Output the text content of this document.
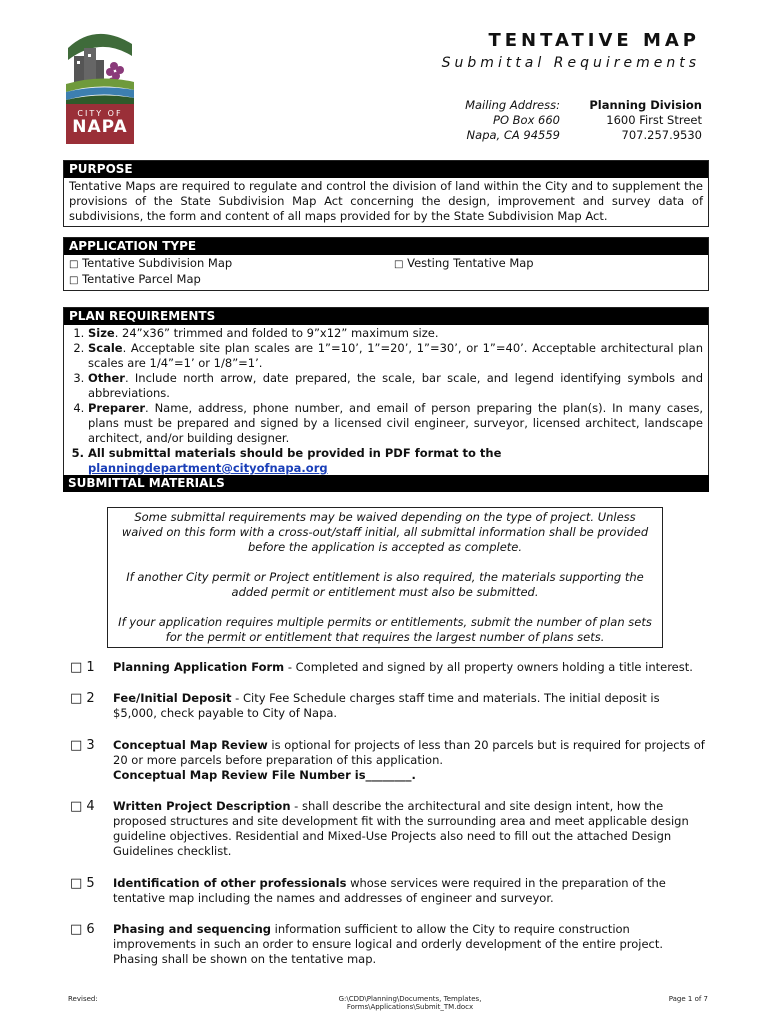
CITY OF
NAPA
TENTATIVE MAP
Submittal Requirements
Mailing Address:
PO Box 660
Napa, CA 94559
Planning Division
1600 First Street
707.257.9530
PURPOSE
Tentative Maps are required to regulate and control the division of land within the City and to supplement the provisions of the State Subdivision Map Act concerning the design, improvement and survey data of subdivisions, the form and content of all maps provided for by the State Subdivision Map Act.
APPLICATION TYPE
□ Tentative Subdivision Map	□ Vesting Tentative Map
□ Tentative Parcel Map
PLAN REQUIREMENTS
1. Size. 24”x36” trimmed and folded to 9”x12” maximum size.
2. Scale. Acceptable site plan scales are 1”=10’, 1”=20’, 1”=30’, or 1”=40’. Acceptable architectural plan scales are 1/4”=1’ or 1/8”=1’.
3. Other. Include north arrow, date prepared, the scale, bar scale, and legend identifying symbols and abbreviations.
4. Preparer. Name, address, phone number, and email of person preparing the plan(s). In many cases, plans must be prepared and signed by a licensed civil engineer, surveyor, licensed architect, landscape architect, and/or building designer.
5. All submittal materials should be provided in PDF format to the planningdepartment@cityofnapa.org
SUBMITTAL MATERIALS

Some submittal requirements may be waived depending on the type of project. Unless waived on this form with a cross-out/staff initial, all submittal information shall be provided before the application is accepted as complete.

If another City permit or Project entitlement is also required, the materials supporting the added permit or entitlement must also be submitted.

If your application requires multiple permits or entitlements, submit the number of plan sets for the permit or entitlement that requires the largest number of plans sets.

□ 1 Planning Application Form - Completed and signed by all property owners holding a title interest.
□ 2 Fee/Initial Deposit - City Fee Schedule charges staff time and materials. The initial deposit is $5,000, check payable to City of Napa.
□ 3 Conceptual Map Review is optional for projects of less than 20 parcels but is required for projects of 20 or more parcels before preparation of this application.
Conceptual Map Review File Number is________.
□ 4 Written Project Description - shall describe the architectural and site design intent, how the proposed structures and site development fit with the surrounding area and meet applicable design guideline objectives. Residential and Mixed-Use Projects also need to fill out the attached Design Guidelines checklist.
□ 5 Identification of other professionals whose services were required in the preparation of the tentative map including the names and addresses of engineer and surveyor.
□ 6 Phasing and sequencing information sufficient to allow the City to require construction improvements in such an order to ensure logical and orderly development of the entire project. Phasing shall be shown on the tentative map.
Revised:	G:\CDD\Planning\Documents, Templates, Forms\Applications\Submit_TM.docx
Page 1 of 7
